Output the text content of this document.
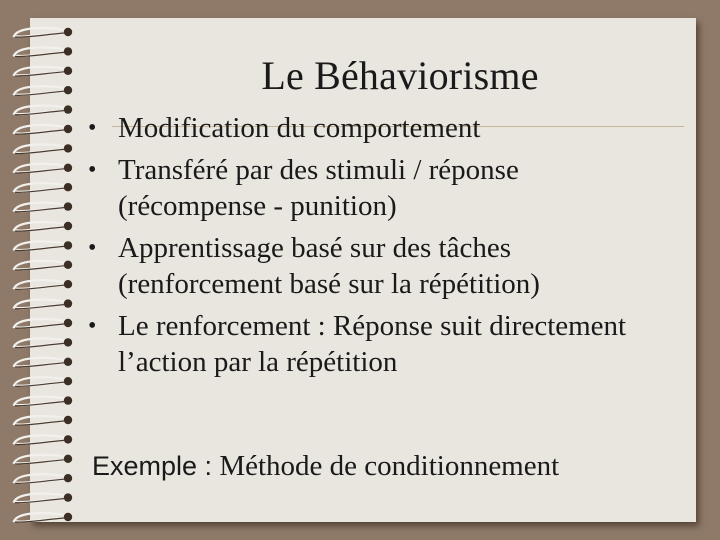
Le Béhaviorisme
• Modification du comportement
• Transféré par des stimuli / réponse
(récompense - punition)
• Apprentissage basé sur des tâches
(renforcement basé sur la répétition)
• Le renforcement : Réponse suit directement
l’action par la répétition
Exemple : Méthode de conditionnement
